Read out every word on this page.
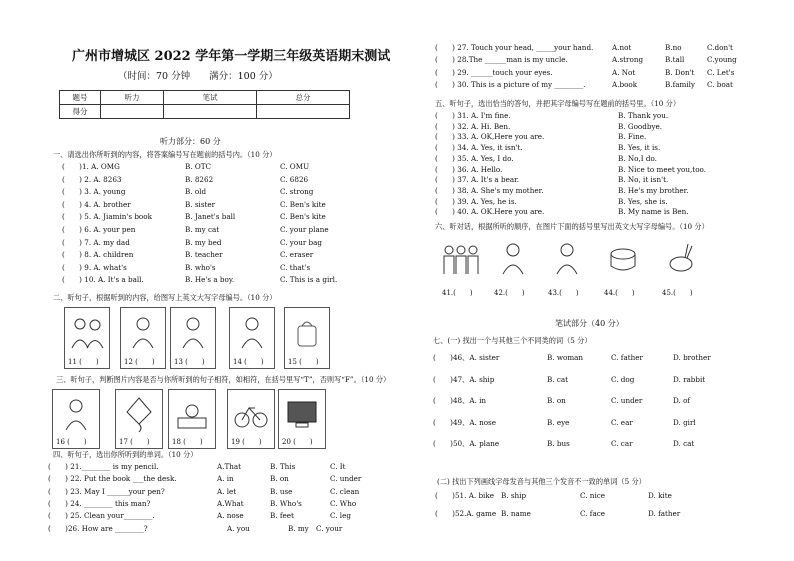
广州市增城区 2022 学年第一学期三年级英语期末测试
（时间：70 分钟　　满分：100 分）
题号	听力	笔试	总分
得分			
听力部分：60 分
一、请选出你所听到的内容，将答案编号写在题前的括号内。（10 分）
(　　)1. A. OMG	B. OTC	C. OMU
(　　) 2. A. 8263	B. 8262	C. 6826
(　　) 3. A. young	B. old	C. strong
(　　) 4. A. brother	B. sister	C. Ben's kite
(　　) 5. A. Jiamin's book	B. Janet's ball	C. Ben's kite
(　　) 6. A. your pen	B. my cat	C. your plane
(　　) 7. A. my dad	B. my bed	C. your bag
(　　) 8. A. children	B. teacher	C. eraser
(　　) 9. A. what's	B. who's	C. that's
(　　) 10. A. It's a ball.	B. He's a boy.	C. This is a girl.
二、听句子，根据听到的内容，给图写上英文大写字母编号。（10 分）
11 (　　)	12 (　　)	13 (　　)	14 (　　)	15 (　　)
三、听句子，判断图片内容是否与你所听到的句子相符，如相符，在括号里写“T”，否则写“F”。（10 分）
16 (　　)	17 (　　)	18 (　　)	19 (　　)	20 (　　)
四、听句子，选出你所听到的单词。（10 分）
(　　) 21.________ is my pencil.	A.That	B. This	C. It
(　　) 22. Put the book ___the desk.	A. in	B. on	C. under
(　　) 23. May I ______your pen?	A. let	B. use	C. clean
(　　) 24. ________ this man?	A.What	B. Who's	C. Who
(　　) 25. Clean your________.	A. nose	B. feet	C. leg
(　　)26. How are ________?	A. you	B. my C. your
(　　) 27. Touch your head, _____your hand.	A.not	B.no	C.don't
(　　) 28.The ______man is my uncle.	A.strong	B.tall	C.young
(　　) 29. ______touch your eyes.	A. Not	B. Don't C. Let's
(　　) 30. This is a picture of my ________.	A.book	B.family C. boat
五、听句子，选出恰当的答句，并把其字母编号写在题前的括号里。（10 分）
(　　) 31. A. I'm fine.	B. Thank you.
(　　) 32. A. Hi. Ben.	B. Goodbye.
(　　) 33. A. OK,Here you are.	B. Fine.
(　　) 34. A. Yes, it isn't.	B. Yes, it is.
(　　) 35. A. Yes, I do.	B. No,I do.
(　　) 36. A. Hello.	B. Nice to meet you,too.
(　　) 37. A. It's a bear.	B. No, it isn't.
(　　) 38. A. She's my mother.	B. He's my brother.
(　　) 39. A. Yes, he is.	B. Yes, she is.
(　　) 40. A. OK.Here you are.	B. My name is Ben.
六、听对话，根据所听的顺序，在图片下面的括号里写出英文大写字母编号。（10 分）
41.(　　)	42.(　　)	43.(　　)	44.(　　)	45.(　　)
笔试部分（40 分）
七、(一) 找出一个与其他三个不同类的词（5 分）
(　　)46、A. sister	B. woman	C. father	D. brother
(　　)47、A. ship	B. cat	C. dog	D. rabbit
(　　)48、A. in	B. on	C. under	D. of
(　　)49、A. nose	B. eye	C. ear	D. girl
(　　)50、A. plane	B. bus	C. car	D. cat
(二) 找出下列画线字母发音与其他三个发音不一致的单词（5 分）
(　　)51. A. bike B. ship	C. nice	D. kite
(　　)52.A. game B. name	C. face	D. father
